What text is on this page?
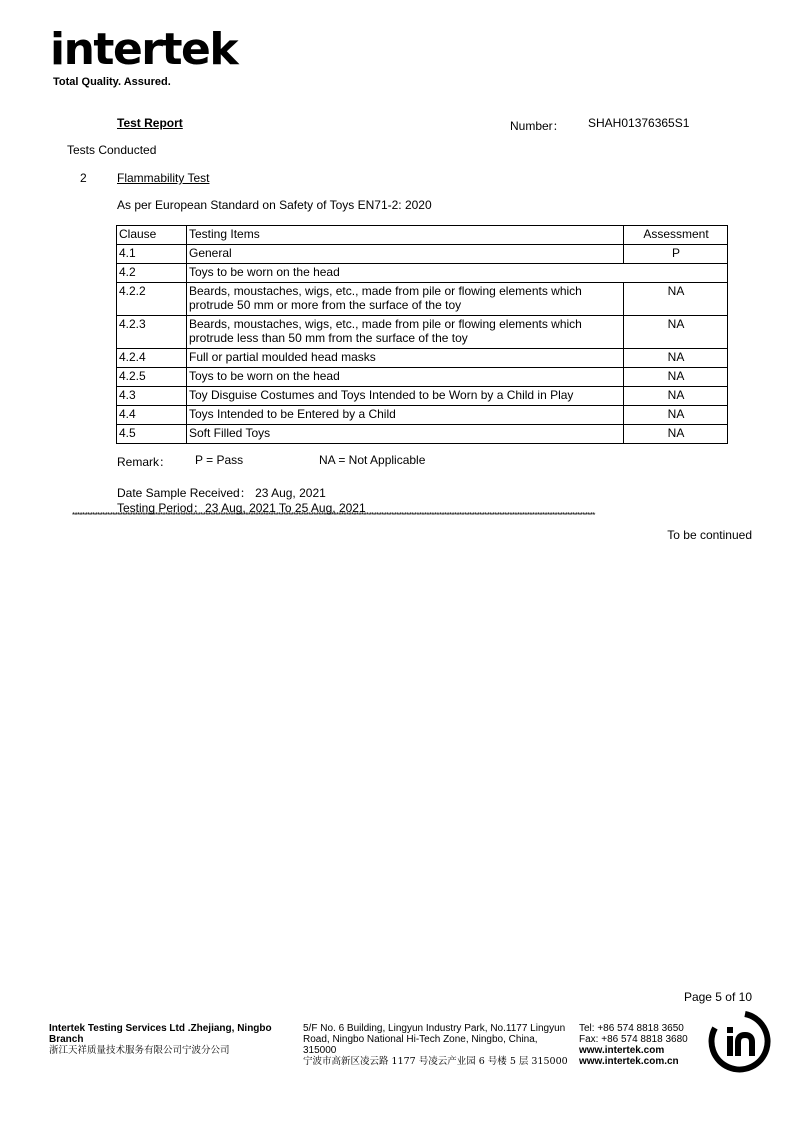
intertek
Total Quality. Assured.
Test Report	Number： SHAH01376365S1
Tests Conducted
2	Flammability Test
As per European Standard on Safety of Toys EN71-2: 2020
Clause	Testing Items	Assessment
4.1	General	P
4.2	Toys to be worn on the head	
4.2.2	Beards, moustaches, wigs, etc., made from pile or flowing elements which protrude 50 mm or more from the surface of the toy	NA
4.2.3	Beards, moustaches, wigs, etc., made from pile or flowing elements which protrude less than 50 mm from the surface of the toy	NA
4.2.4	Full or partial moulded head masks	NA
4.2.5	Toys to be worn on the head	NA
4.3	Toy Disguise Costumes and Toys Intended to be Worn by a Child in Play	NA
4.4	Toys Intended to be Entered by a Child	NA
4.5	Soft Filled Toys	NA
Remark： P = Pass	NA = Not Applicable
Date Sample Received： 23 Aug, 2021
Testing Period：23 Aug, 2021 To 25 Aug, 2021
****************************************************************************************************************************************************************************************************************
To be continued
Page 5 of 10
Intertek Testing Services Ltd .Zhejiang, Ningbo Branch
浙江天祥质量技术服务有限公司宁波分公司
5/F No. 6 Building, Lingyun Industry Park, No.1177 Lingyun Road, Ningbo National Hi-Tech Zone, Ningbo, China, 315000
宁波市高新区凌云路 1177 号凌云产业园 6 号楼 5 层 315000
Tel: +86 574 8818 3650
Fax: +86 574 8818 3680
www.intertek.com
www.intertek.com.cn
